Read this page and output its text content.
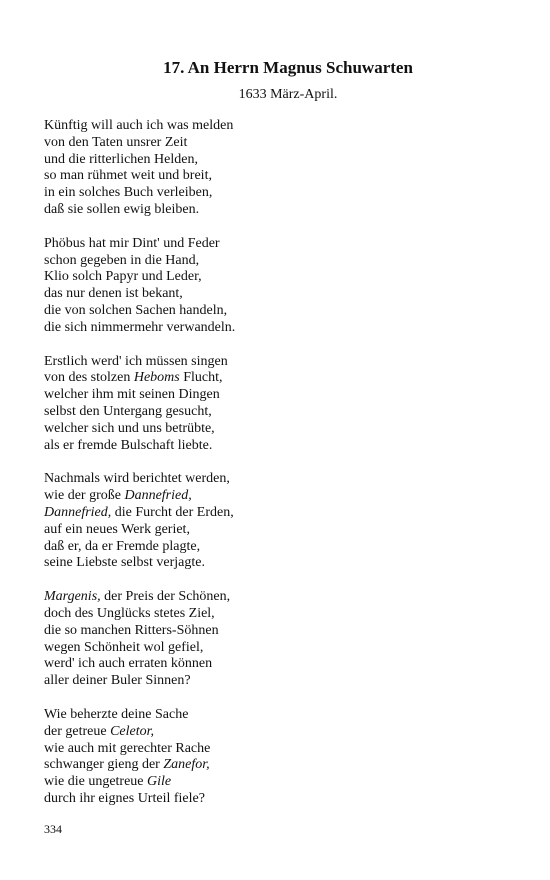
17. An Herrn Magnus Schuwarten
1633 März-April.
Künftig will auch ich was melden
von den Taten unsrer Zeit
und die ritterlichen Helden,
so man rühmet weit und breit,
in ein solches Buch verleiben,
daß sie sollen ewig bleiben.
Phöbus hat mir Dint' und Feder
schon gegeben in die Hand,
Klio solch Papyr und Leder,
das nur denen ist bekant,
die von solchen Sachen handeln,
die sich nimmermehr verwandeln.
Erstlich werd' ich müssen singen
von des stolzen Heboms Flucht,
welcher ihm mit seinen Dingen
selbst den Untergang gesucht,
welcher sich und uns betrübte,
als er fremde Bulschaft liebte.
Nachmals wird berichtet werden,
wie der große Dannefried,
Dannefried, die Furcht der Erden,
auf ein neues Werk geriet,
daß er, da er Fremde plagte,
seine Liebste selbst verjagte.
Margenis, der Preis der Schönen,
doch des Unglücks stetes Ziel,
die so manchen Ritters-Söhnen
wegen Schönheit wol gefiel,
werd' ich auch erraten können
aller deiner Buler Sinnen?
Wie beherzte deine Sache
der getreue Celetor,
wie auch mit gerechter Rache
schwanger gieng der Zanefor,
wie die ungetreue Gile
durch ihr eignes Urteil fiele?
334
